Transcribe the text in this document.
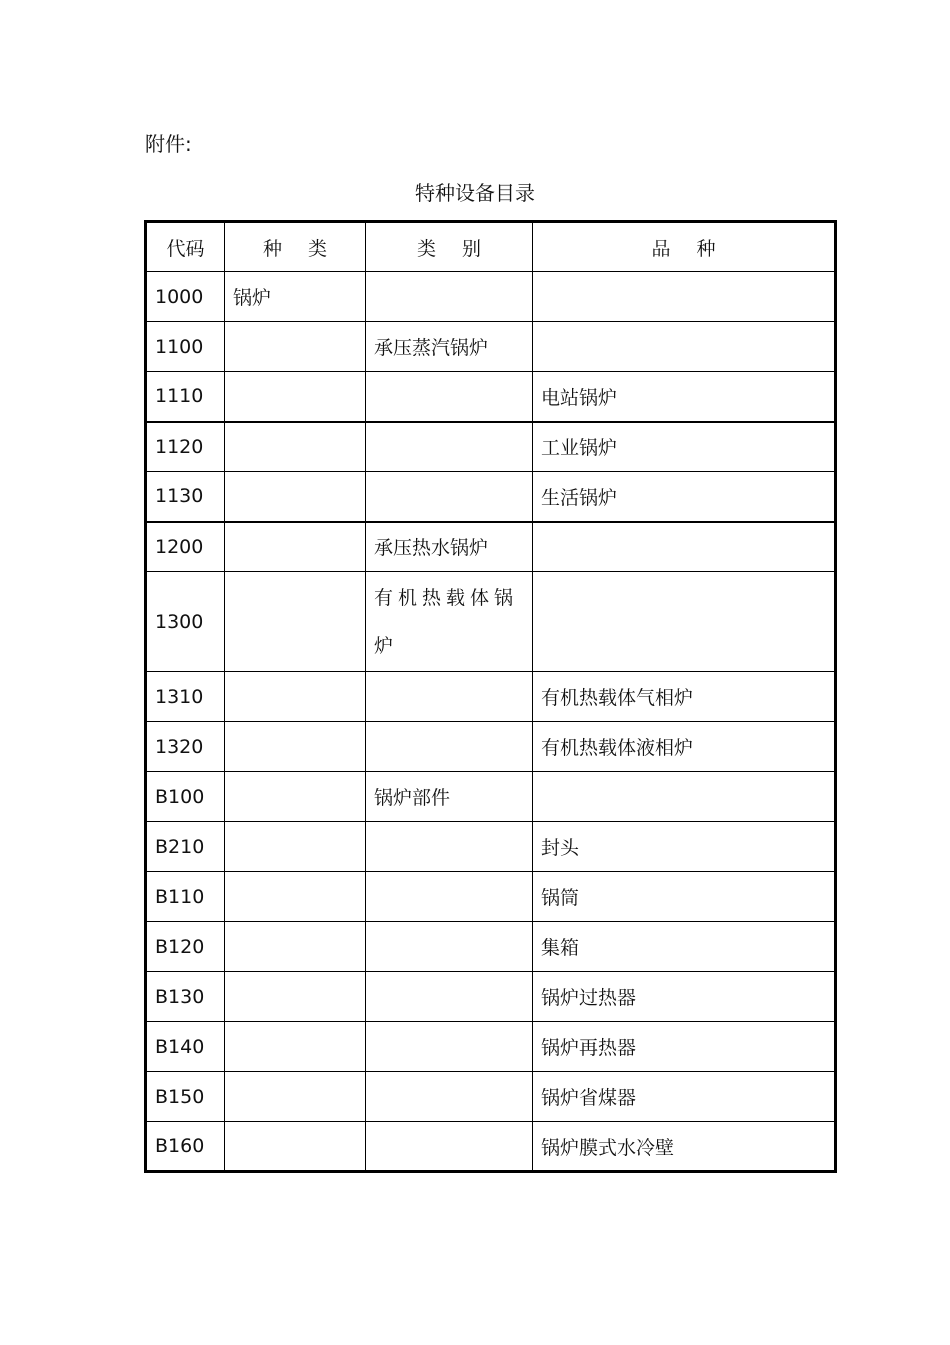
附件:
特种设备目录
代码	种类	类别	品种
1000	锅炉		
1100		承压蒸汽锅炉	
1110			电站锅炉
1120			工业锅炉
1130			生活锅炉
1200		承压热水锅炉	
1300		有机热载体锅炉	
1310			有机热载体气相炉
1320			有机热载体液相炉
B100		锅炉部件	
B210			封头
B110			锅筒
B120			集箱
B130			锅炉过热器
B140			锅炉再热器
B150			锅炉省煤器
B160			锅炉膜式水冷壁
